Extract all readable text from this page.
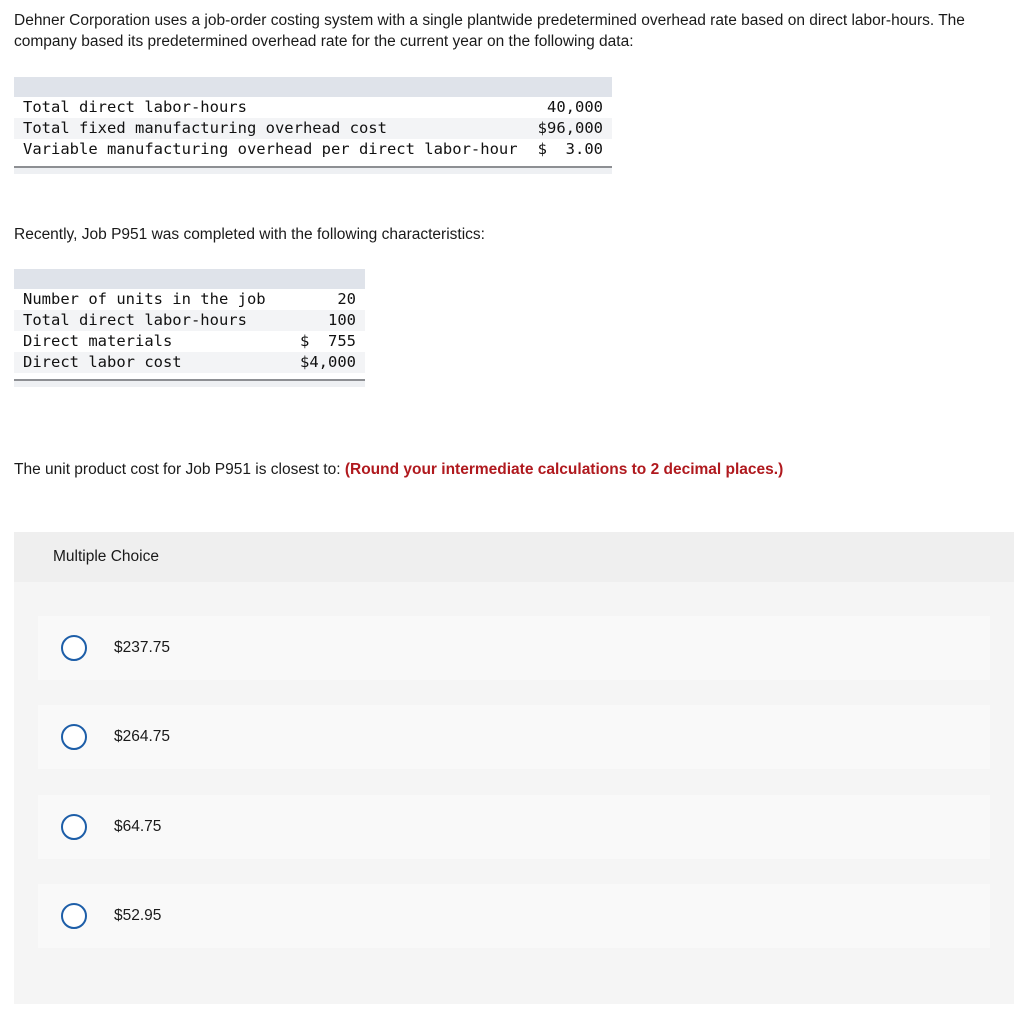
Dehner Corporation uses a job-order costing system with a single plantwide predetermined overhead rate based on direct labor-hours. The company based its predetermined overhead rate for the current year on the following data:

Total direct labor-hours	40,000
Total fixed manufacturing overhead cost	$96,000
Variable manufacturing overhead per direct labor-hour $  3.00

Recently, Job P951 was completed with the following characteristics:

Number of units in the job	20
Total direct labor-hours	100
Direct materials	$  755
Direct labor cost	$4,000

The unit product cost for Job P951 is closest to: (Round your intermediate calculations to 2 decimal places.)

Multiple Choice
$237.75
$264.75
$64.75
$52.95
